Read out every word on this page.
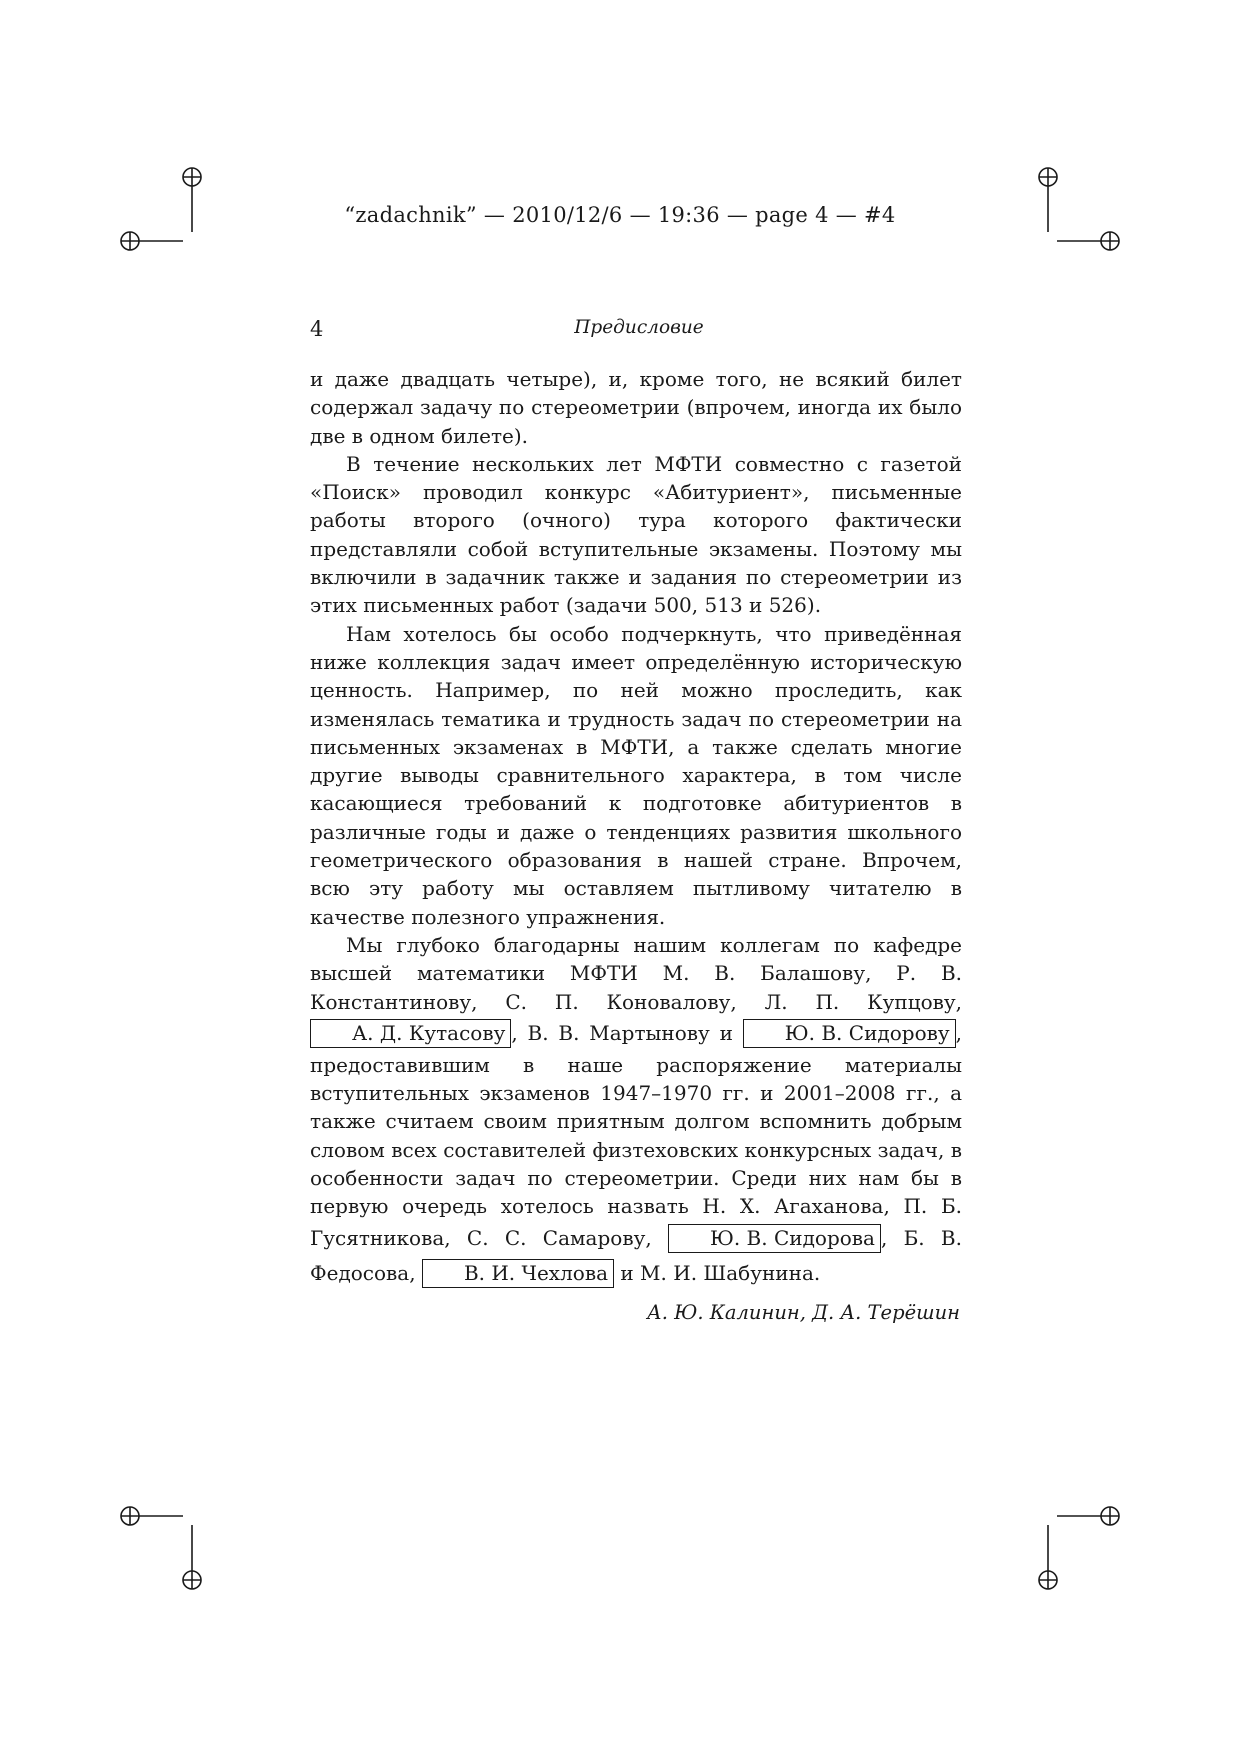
“zadachnik” — 2010/12/6 — 19:36 — page 4 — #4
4	Предисловие

и даже двадцать четыре), и, кроме того, не всякий билет содержал задачу по стереометрии (впрочем, иногда их было две в одном билете).

В течение нескольких лет МФТИ совместно с газетой «Поиск» проводил конкурс «Абитуриент», письменные работы второго (очного) тура которого фактически представляли собой вступительные экзамены. Поэтому мы включили в задачник также и задания по стереометрии из этих письменных работ (задачи 500, 513 и 526).

Нам хотелось бы особо подчеркнуть, что приведённая ниже коллекция задач имеет определённую историческую ценность. Например, по ней можно проследить, как изменялась тематика и трудность задач по стереометрии на письменных экзаменах в МФТИ, а также сделать многие другие выводы сравнительного характера, в том числе касающиеся требований к подготовке абитуриентов в различные годы и даже о тенденциях развития школьного геометрического образования в нашей стране. Впрочем, всю эту работу мы оставляем пытливому читателю в качестве полезного упражнения.

Мы глубоко благодарны нашим коллегам по кафедре высшей математики МФТИ М. В. Балашову, Р. В. Константинову, С. П. Коновалову, Л. П. Купцову, А. Д. Кутасову , В. В. Мартынову и Ю. В. Сидорову , предоставившим в наше распоряжение материалы вступительных экзаменов 1947–1970 гг. и 2001–2008 гг., а также считаем своим приятным долгом вспомнить добрым словом всех составителей физтеховских конкурсных задач, в особенности задач по стереометрии. Среди них нам бы в первую очередь хотелось назвать Н. Х. Агаханова, П. Б. Гусятникова, С. С. Самарову, Ю. В. Сидорова , Б. В. Федосова, В. И. Чехлова и М. И. Шабунина.

А. Ю. Калинин, Д. А. Терёшин
